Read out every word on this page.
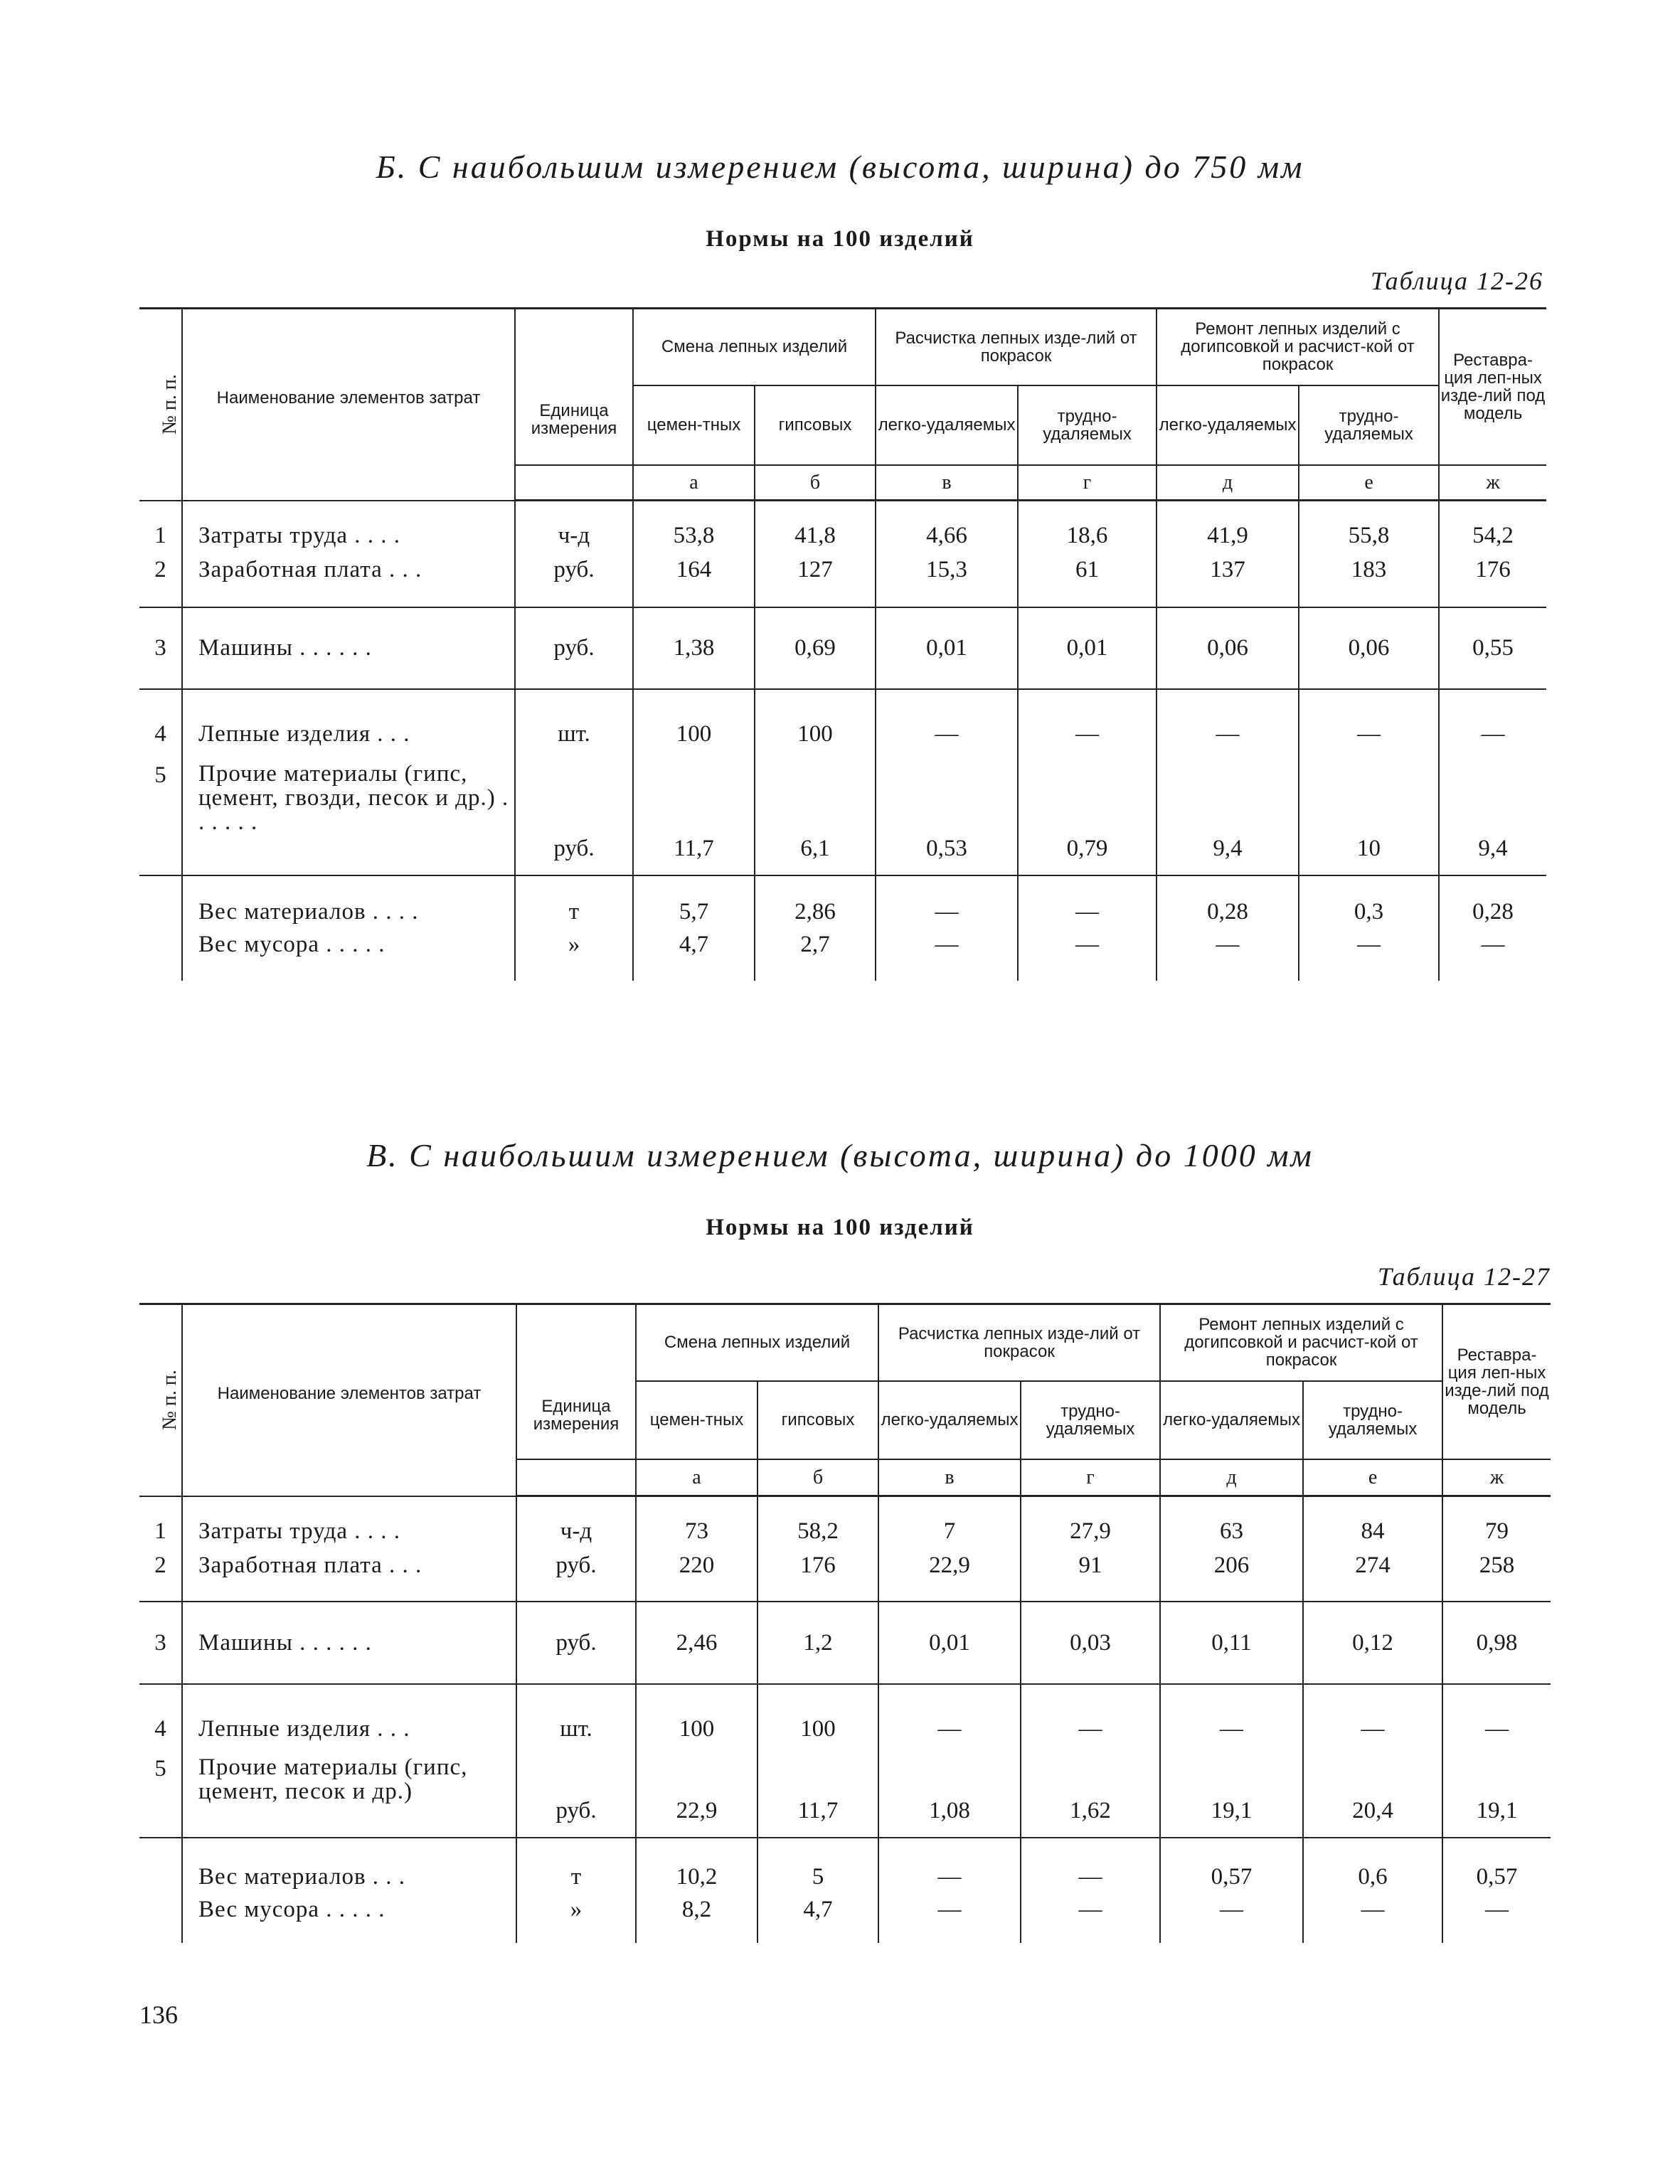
Б. С наибольшим измерением (высота, ширина) до 750 мм
Нормы на 100 изделий
Таблица 12-26
№ п. п.	Наименование элементов затрат	Единица измерения	Смена лепных изделий		Расчистка лепных изде-лий от покрасок		Ремонт лепных изделий с догипсовкой и расчист-кой от покрасок		Реставра-ция леп-ных изде-лий под модель
			цемен-тных	гипсовых	легко-удаляемых	трудно-удаляемых	легко-удаляемых	трудно-удаляемых	
			а	б	в	г	д	е	ж
1	Затраты труда . . . .	ч-д	53,8	41,8	4,66	18,6	41,9	55,8	54,2
2	Заработная плата . . .	руб.	164	127	15,3	61	137	183	176
3	Машины . . . . . .	руб.	1,38	0,69	0,01	0,01	0,06	0,06	0,55
4	Лепные изделия . . .	шт.	100	100	—	—	—	—	—
5	Прочие материалы (гипс, цемент, гвозди, песок и др.) . . . . . .	руб.	11,7	6,1	0,53	0,79	9,4	10	9,4
	Вес материалов . . . .	т	5,7	2,86	—	—	0,28	0,3	0,28
	Вес мусора . . . . .	»	4,7	2,7	—	—	—	—	—
В. С наибольшим измерением (высота, ширина) до 1000 мм
Нормы на 100 изделий
Таблица 12-27
№ п. п.	Наименование элементов затрат	Единица измерения	Смена лепных изделий		Расчистка лепных изде-лий от покрасок		Ремонт лепных изделий с догипсовкой и расчист-кой от покрасок		Реставра-ция леп-ных изде-лий под модель
			цемен-тных	гипсовых	легко-удаляемых	трудно-удаляемых	легко-удаляемых	трудно-удаляемых	
			а	б	в	г	д	е	ж
1	Затраты труда . . . .	ч-д	73	58,2	7	27,9	63	84	79
2	Заработная плата . . .	руб.	220	176	22,9	91	206	274	258
3	Машины . . . . . .	руб.	2,46	1,2	0,01	0,03	0,11	0,12	0,98
4	Лепные изделия . . .	шт.	100	100	—	—	—	—	—
5	Прочие материалы (гипс, цемент, песок и др.)	руб.	22,9	11,7	1,08	1,62	19,1	20,4	19,1
	Вес материалов . . .	т	10,2	5	—	—	0,57	0,6	0,57
	Вес мусора . . . . .	»	8,2	4,7	—	—	—	—	—
136
